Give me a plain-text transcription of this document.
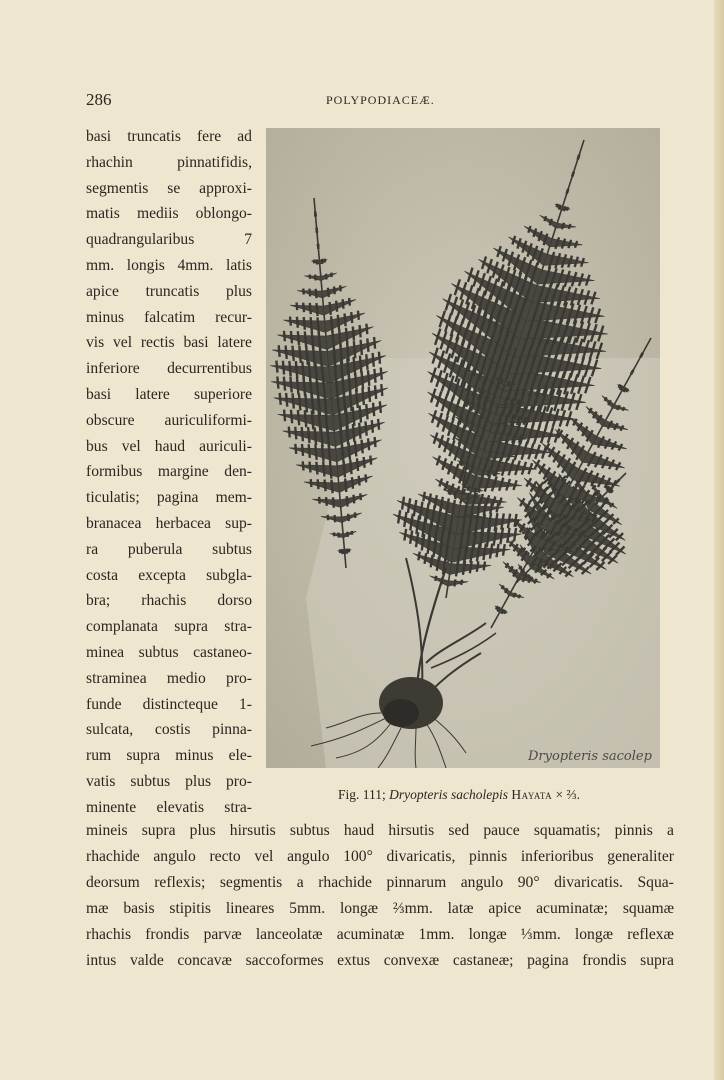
286	POLYPODIACEÆ.
basi truncatis fere ad
rhachin	pinnatifidis,
segmentis se approxi-
matis mediis oblongo-
quadrangularibus	7
mm. longis 4mm. latis
apice truncatis plus
minus falcatim recur-
vis vel rectis basi latere
inferiore decurrentibus
basi latere superiore
obscure auriculiformi-
bus vel haud auriculi-
formibus margine den-
ticulatis; pagina mem-
branacea herbacea sup-
ra puberula subtus
costa excepta subgla-
bra; rhachis dorso
complanata supra stra-
minea subtus castaneo-
straminea medio pro-
funde distincteque 1-
sulcata, costis pinna-
rum supra minus ele-
vatis subtus plus pro-
minente elevatis stra-
Dryopteris sacolep
Fig. 111; Dryopteris sacholepis Hayata × ⅔.
mineis supra plus hirsutis subtus haud hirsutis sed pauce squamatis; pinnis a
rhachide angulo recto vel angulo 100° divaricatis, pinnis inferioribus generaliter
deorsum reflexis; segmentis a rhachide pinnarum angulo 90° divaricatis. Squa-
mæ basis stipitis lineares 5mm. longæ ⅔mm. latæ apice acuminatæ; squamæ
rhachis frondis parvæ lanceolatæ acuminatæ 1mm. longæ ⅓mm. longæ reflexæ
intus valde concavæ saccoformes extus convexæ castaneæ; pagina frondis supra
